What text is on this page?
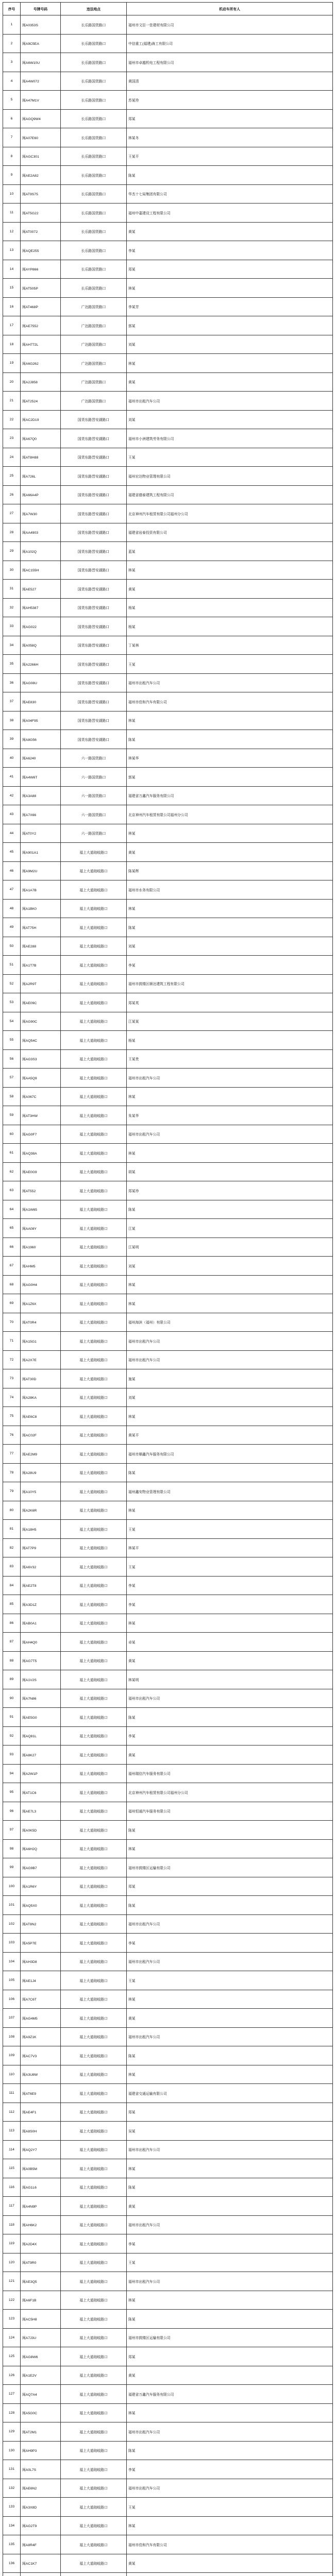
序号	号牌号码	违法地点	机动车所有人
1	闽A0353S	长乐路国货路口	福州市文臣一佳建材有限公司
2	闽A9C5EA	长乐路国货路口	中信重工(福建)海工有限公司
3	闽A6W10U	长乐路国货路口	福州市卓越机电工程有限公司
4	闽A4W072	长乐路国货路口	黄国清
5	闽A47M1V	长乐路国货路口	苏某珍
6	闽AGQ9W4	长乐路国货路口	郑某
7	闽A07E60	长乐路国货路口	林某冬
8	闽AGC301	长乐路国货路口	王某平
9	闽AE2A82	长乐路国货路口	陈某
10	闽AT9S75	长乐路国货路口	华杰十七局集团有限公司
11	闽AT5G22	长乐路国货路口	福州中嘉建设工程有限公司
12	闽AT0072	长乐路国货路口	黄某
13	闽AQE255	长乐路国货路口	李某
14	闽AYP866	长乐路国货路口	郑某
15	闽AT505P	长乐路国货路口	林某
16	闽AT468P	广达路国货路口	李某芳
17	闽AE7552	广达路国货路口	郭某
18	闽AH772L	广达路国货路口	刘某
19	闽A6G262	广达路国货路口	林某
20	闽A2J858	广达路国货路口	黄某
21	闽AT2524	广达路国货路口	福州市出租汽车公司
22	闽AC2D19	国货东路晋安湖路口	刘某
23	闽A67Q0	国货东路晋安湖路口	福州市小洲建筑劳务有限公司
24	闽AT8H88	国货东路晋安湖路口	王某
25	闽A726L	国货东路晋安湖路口	福州宏达物业管理有限公司
26	闽A66A4P	国货东路晋安湖路口	福建省德泰建筑工程有限公司
27	闽A7W30	国货东路晋安湖路口	北京神州汽车租赁有限公司福州分公司
28	闽AA4903	国货东路晋安湖路口	福建省岩泰投资有限公司
29	闽A102Q	国货东路晋安湖路口	蓝某
30	闽AC155H	国货东路晋安湖路口	林某
31	闽AE527	国货东路晋安湖路口	黄某
32	闽AH5387	国货东路晋安湖路口	杨某
33	闽AG022	国货东路晋安湖路口	杨某
34	闽A058Q	国货东路晋安湖路口	丁某林
35	闽A2266H	国货东路晋安湖路口	王某
36	闽AG08U	国货东路晋安湖路口	福州市出租汽车公司
37	闽AE830	国货东路晋安湖路口	福州市佳和汽车有限公司
38	闽A04F95	国货东路晋安湖路口	林某
39	闽A8G56	国货东路晋安湖路口	陈某
40	闽A6240	六一路国货路口	林某华
41	闽A4W6T	六一路国货路口	郭某
42	闽A3A88	六一路国货路口	福建省万鑫汽车服务有限公司
43	闽A7X66	六一路国货路口	北京神州汽车租赁有限公司福州分公司
44	闽AT0Y2	六一路国货路口	林某
45	闽A901A1	福上大道琅岐路口	黄某
46	闽A9M2U	福上大道琅岐路口	陈某辉
47	闽A1A7B	福上大道琅岐路口	福州市水务有限公司
48	闽A1BK0	福上大道琅岐路口	林某
49	闽AT75H	福上大道琅岐路口	陈某
50	闽AE288	福上大道琅岐路口	刘某
51	闽A1T7B	福上大道琅岐路口	李某
52	闽A2R9T	福上大道琅岐路口	福州市鼓楼区顺达建筑工程有限公司
53	闽AE09C	福上大道琅岐路口	郑某英
54	闽AG90C	福上大道琅岐路口	江某某
55	闽AQ54C	福上大道琅岐路口	杨某
56	闽AG3S3	福上大道琅岐路口	王某贵
57	闽AA5Q9	福上大道琅岐路口	福州市出租汽车公司
58	闽A067C	福上大道琅岐路口	林某
59	闽AT3HW	福上大道琅岐路口	朱某华
60	闽AG0F7	福上大道琅岐路口	福州市出租汽车公司
61	闽AQ38A	福上大道琅岐路口	林某
62	闽AE0G9	福上大道琅岐路口	胡某
63	闽AT552	福上大道琅岐路口	郑某珍
64	闽A1W65	福上大道琅岐路口	陈某
65	闽AA08Y	福上大道琅岐路口	江某
66	闽A1960	福上大道琅岐路口	江某明
67	闽AHM5	福上大道琅岐路口	刘某
68	闽AG0H4	福上大道琅岐路口	林某
69	闽A1Z6X	福上大道琅岐路口	林某
70	闽AT0R4	福上大道琅岐路口	福州海滨（福州）有限公司
71	闽A15G1	福上大道琅岐路口	福州市出租汽车公司
72	闽A2X7E	福上大道琅岐路口	福州市出租汽车公司
73	闽AT30D	福上大道琅岐路口	施某
74	闽A28KA	福上大道琅岐路口	刘某
75	闽AE6C8	福上大道琅岐路口	林某
76	闽AC02F	福上大道琅岐路口	黄某平
77	闽AE2M9	福上大道琅岐路口	福州市顺鑫汽车服务有限公司
78	闽A28U9	福上大道琅岐路口	陈某
79	闽A10Y5	福上大道琅岐路口	福州鑫安物业管理有限公司
80	闽A2K6R	福上大道琅岐路口	林某
81	闽A18H5	福上大道琅岐路口	王某
82	闽AT7P9	福上大道琅岐路口	林某平
83	闽A6V32	福上大道琅岐路口	王某
84	闽AE2T8	福上大道琅岐路口	李某
85	闽A3D1Z	福上大道琅岐路口	李某
86	闽AB0A1	福上大道琅岐路口	林某
87	闽AH4Q0	福上大道琅岐路口	卓某
88	闽AG7T5	福上大道琅岐路口	黄某
89	闽A1V2S	福上大道琅岐路口	林某明
90	闽A7N86	福上大道琅岐路口	福州市出租汽车公司
91	闽AE5G0	福上大道琅岐路口	陈某
92	闽AQ81L	福上大道琅岐路口	李某
93	闽A8K27	福上大道琅岐路口	黄某
94	闽A2W1P	福上大道琅岐路口	福州瑞信汽车服务有限公司
95	闽AT1C6	福上大道琅岐路口	北京神州汽车租赁有限公司福州分公司
96	闽AE7L3	福上大道琅岐路口	福州恒通汽车服务有限公司
97	闽A0K5D	福上大道琅岐路口	陈某
98	闽A6H2Q	福上大道琅岐路口	林某
99	闽AG9B7	福上大道琅岐路口	福州市鼓楼区运输有限公司
100	闽A1R6Y	福上大道琅岐路口	郑某
101	闽AQ5X0	福上大道琅岐路口	陈某
102	闽AT8N2	福上大道琅岐路口	福州市出租汽车公司
103	闽A5P7E	福上大道琅岐路口	李某
104	闽AH3D8	福上大道琅岐路口	福州市出租汽车公司
105	闽AE1J4	福上大道琅岐路口	王某
106	闽A7C6T	福上大道琅岐路口	林某
107	闽AG4M5	福上大道琅岐路口	黄某
108	闽A9Z1K	福上大道琅岐路口	福州市出租汽车公司
109	闽AC7V3	福上大道琅岐路口	陈某
110	闽A3U8W	福上大道琅岐路口	林某
111	闽AT6E9	福上大道琅岐路口	福建省交通运输有限公司
112	闽AE4F1	福上大道琅岐路口	郑某
113	闽A8S0H	福上大道琅岐路口	吴某
114	闽AQ2Y7	福上大道琅岐路口	福州市出租汽车公司
115	闽A0B5M	福上大道琅岐路口	林某
116	闽AG1L6	福上大道琅岐路口	陈某
117	闽A4N9P	福上大道琅岐路口	黄某
118	闽AH6K2	福上大道琅岐路口	福州市出租汽车公司
119	闽A2D4X	福上大道琅岐路口	李某
120	闽AT9R0	福上大道琅岐路口	王某
121	闽AE3Q5	福上大道琅岐路口	福州市出租汽车公司
122	闽A6F1B	福上大道琅岐路口	林某
123	闽AC5H8	福上大道琅岐路口	陈某
124	闽A7J3U	福上大道琅岐路口	福州市鼓楼区运输有限公司
125	闽AG8W6	福上大道琅岐路口	郑某
126	闽A1E2V	福上大道琅岐路口	黄某
127	闽AQ7A4	福上大道琅岐路口	福建省万鑫汽车服务有限公司
128	闽A5G0C	福上大道琅岐路口	林某
129	闽AT2M1	福上大道琅岐路口	福州市出租汽车公司
130	闽AH9P3	福上大道琅岐路口	陈某
131	闽A0L7S	福上大道琅岐路口	李某
132	闽AE6N2	福上大道琅岐路口	福州市出租汽车公司
133	闽A3X8D	福上大道琅岐路口	王某
134	闽AG2T9	福上大道琅岐路口	林某
135	闽A8R4F	福上大道琅岐路口	福州市佳和汽车有限公司
136	闽AC1K7	福上大道琅岐路口	黄某
